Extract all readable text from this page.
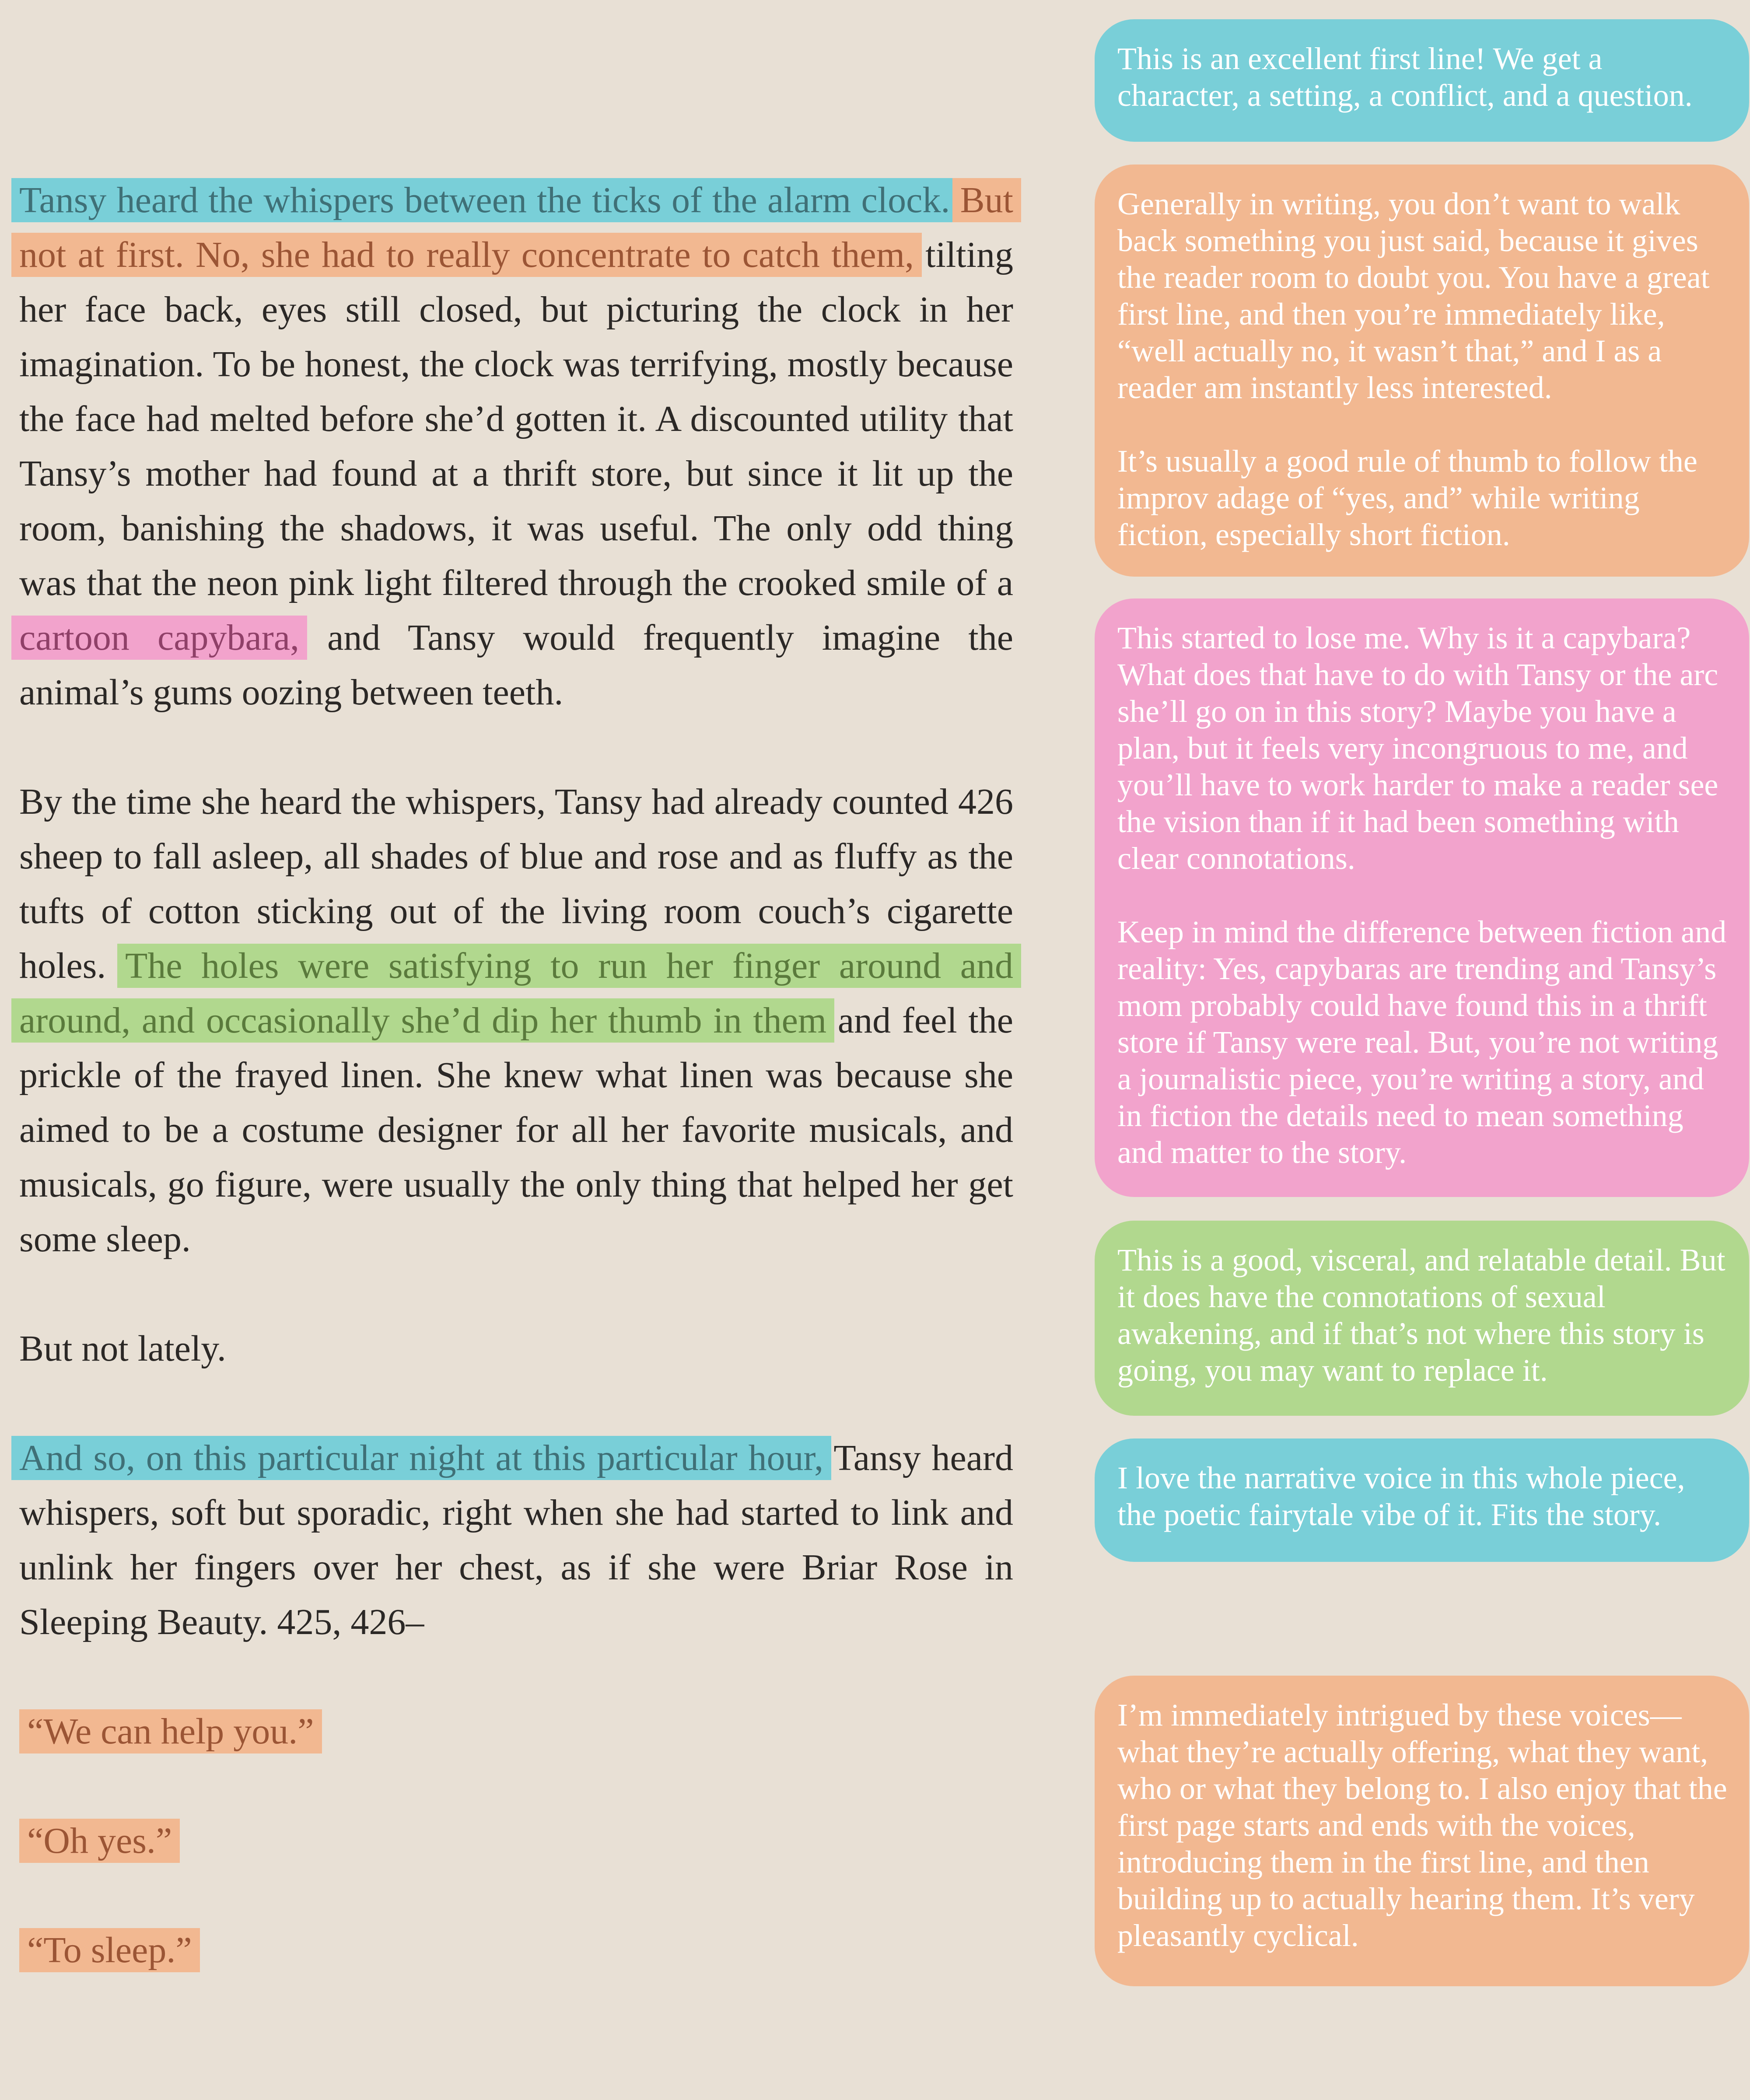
Tansy heard the whispers between the ticks of the alarm clock. But not at first. No, she had to really concentrate to catch them, tilting her face back, eyes still closed, but picturing the clock in her imagination. To be honest, the clock was terrifying, mostly because the face had melted before she’d gotten it. A discounted utility that Tansy’s mother had found at a thrift store, but since it lit up the room, banishing the shadows, it was useful. The only odd thing was that the neon pink light filtered through the crooked smile of a cartoon capybara, and Tansy would frequently imagine the animal’s gums oozing between teeth.

By the time she heard the whispers, Tansy had already counted 426 sheep to fall asleep, all shades of blue and rose and as fluffy as the tufts of cotton sticking out of the living room couch’s cigarette holes. The holes were satisfying to run her finger around and around, and occasionally she’d dip her thumb in them and feel the prickle of the frayed linen. She knew what linen was because she aimed to be a costume designer for all her favorite musicals, and musicals, go figure, were usually the only thing that helped her get some sleep.

But not lately.

And so, on this particular night at this particular hour, Tansy heard whispers, soft but sporadic, right when she had started to link and unlink her fingers over her chest, as if she were Briar Rose in Sleeping Beauty. 425, 426–

“We can help you.”

“Oh yes.”

“To sleep.”

This is an excellent first line! We get a character, a setting, a conflict, and a question.

Generally in writing, you don’t want to walk back something you just said, because it gives the reader room to doubt you. You have a great first line, and then you’re immediately like, “well actually no, it wasn’t that,” and I as a reader am instantly less interested.

It’s usually a good rule of thumb to follow the improv adage of “yes, and” while writing fiction, especially short fiction.

This started to lose me. Why is it a capybara? What does that have to do with Tansy or the arc she’ll go on in this story? Maybe you have a plan, but it feels very incongruous to me, and you’ll have to work harder to make a reader see the vision than if it had been something with clear connotations.

Keep in mind the difference between fiction and reality: Yes, capybaras are trending and Tansy’s mom probably could have found this in a thrift store if Tansy were real. But, you’re not writing a journalistic piece, you’re writing a story, and in fiction the details need to mean something and matter to the story.

This is a good, visceral, and relatable detail. But it does have the connotations of sexual awakening, and if that’s not where this story is going, you may want to replace it.

I love the narrative voice in this whole piece, the poetic fairytale vibe of it. Fits the story.

I’m immediately intrigued by these voices—what they’re actually offering, what they want, who or what they belong to. I also enjoy that the first page starts and ends with the voices, introducing them in the first line, and then building up to actually hearing them. It’s very pleasantly cyclical.
